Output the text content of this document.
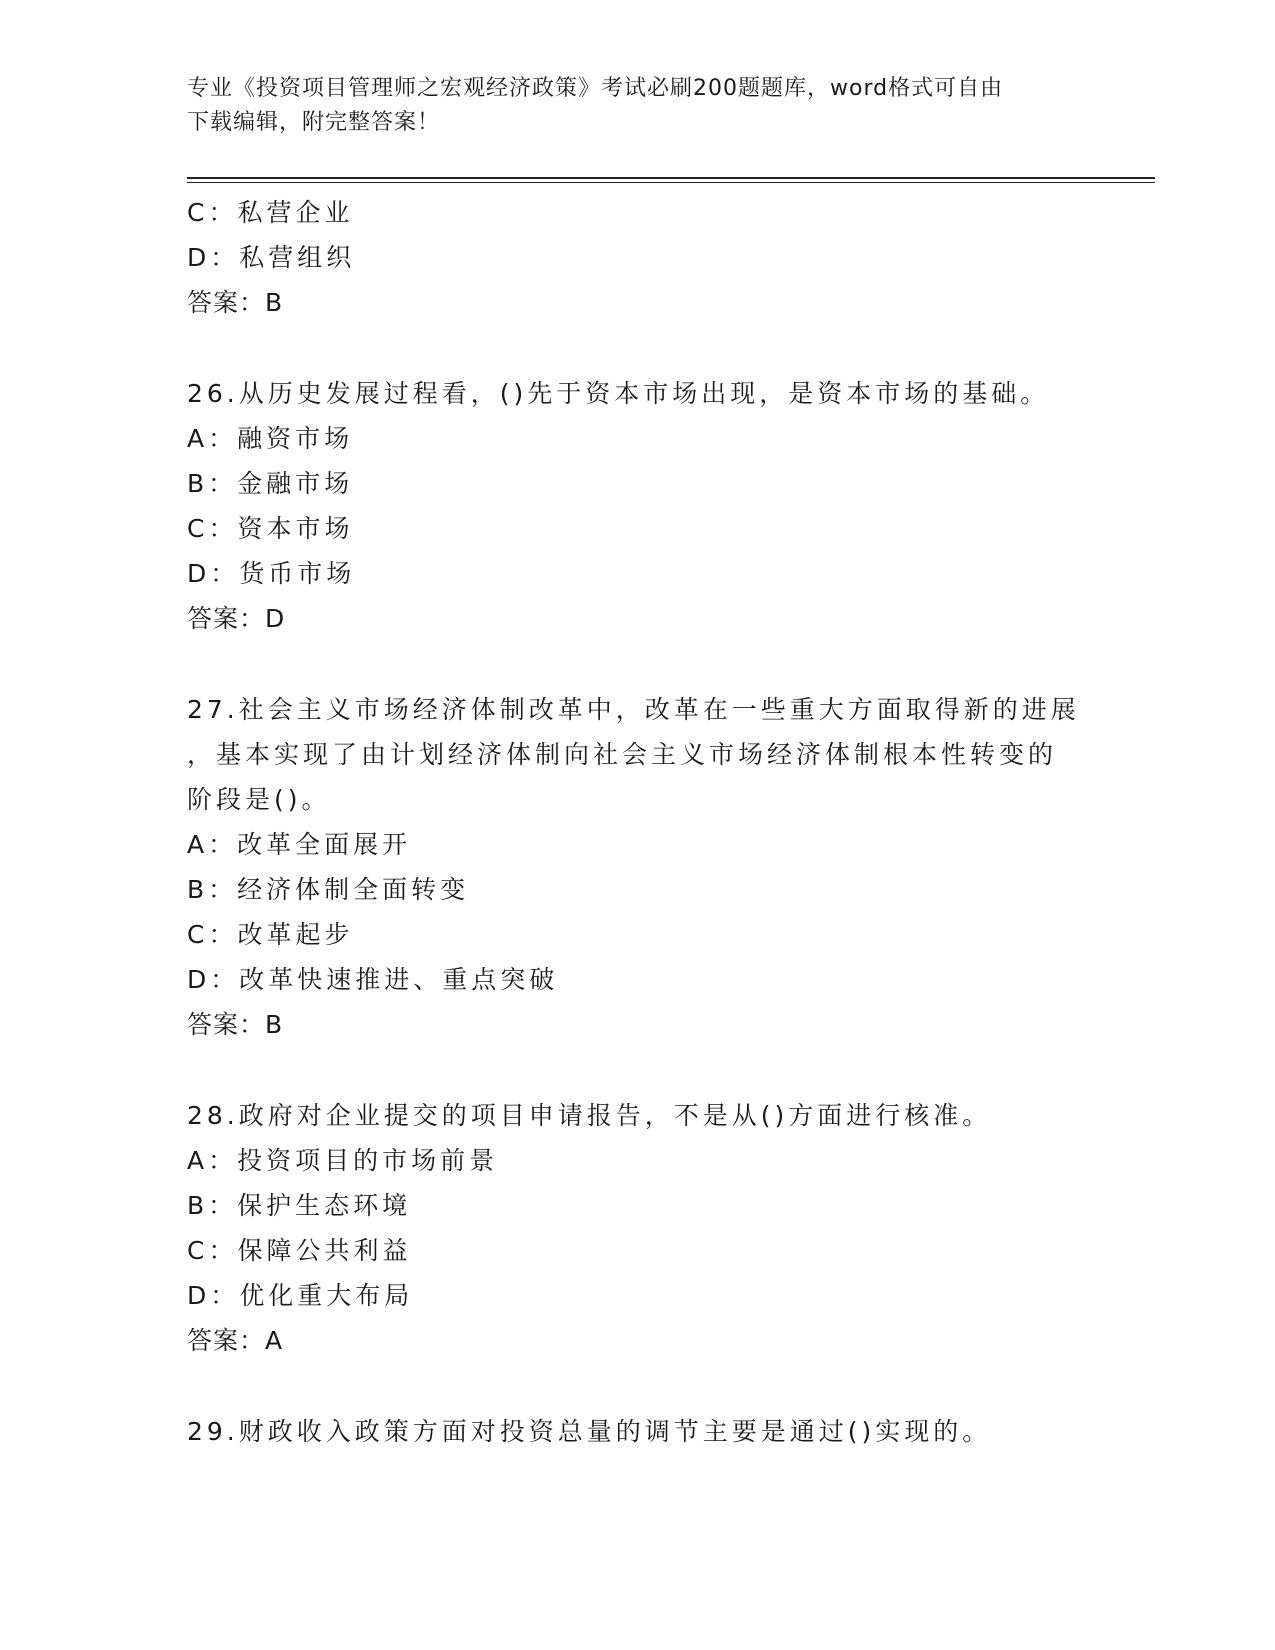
专业《投资项目管理师之宏观经济政策》考试必刷200题题库，word格式可自由
下载编辑，附完整答案！
C：私营企业
D：私营组织
答案：B
26.从历史发展过程看，()先于资本市场出现，是资本市场的基础。
A：融资市场
B：金融市场
C：资本市场
D：货币市场
答案：D
27.社会主义市场经济体制改革中，改革在一些重大方面取得新的进展
，基本实现了由计划经济体制向社会主义市场经济体制根本性转变的
阶段是()。
A：改革全面展开
B：经济体制全面转变
C：改革起步
D：改革快速推进、重点突破
答案：B
28.政府对企业提交的项目申请报告，不是从()方面进行核准。
A：投资项目的市场前景
B：保护生态环境
C：保障公共利益
D：优化重大布局
答案：A
29.财政收入政策方面对投资总量的调节主要是通过()实现的。
